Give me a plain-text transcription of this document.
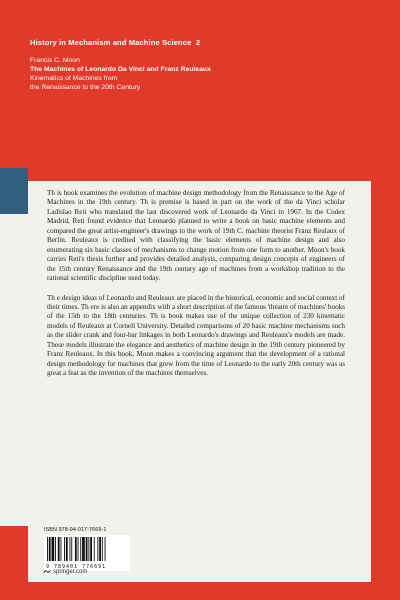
History in Mechanism and Machine Science 2
Francis C. Moon
The Machines of Leonardo Da Vinci and Franz Reuleaux
Kinematics of Machines from
the Renaissance to the 20th Century

Th is book examines the evolution of machine design methodology from the Renaissance to the Age of Machines in the 19th century. Th is premise is based in part on the work of the da Vinci scholar Ladislao Reti who translated the last discovered work of Leonardo da Vinci in 1967. In the Codex Madrid, Reti found evidence that Leonardo planned to write a book on basic machine elements and compared the great artist-engineer's drawings to the work of 19th C. machine theorist Franz Reulaux of Berlin. Reuleaux is credited with classifying the basic elements of machine design and also enumerating six basic classes of mechanisms to change motion from one form to another. Moon's book carries Reti's thesis further and provides detailed analysis, comparing design concepts of engineers of the 15th century Renaissance and the 19th century age of machines from a workshop tradition to the rational scientific discipline used today.

Th e design ideas of Leonardo and Reuleaux are placed in the historical, economic and social context of their times. Th ere is also an appendix with a short description of the famous 'theatre of machines' books of the 15th to the 18th centuries. Th is book makes use of the unique collection of 230 kinematic models of Reuleaux at Cornell University. Detailed comparisons of 20 basic machine mechanisms such as the slider crank and four-bar linkages in both Leonardo's drawings and Reuleaux's models are made. These models illustrate the elegance and aesthetics of machine design in the 19th century pioneered by Franz Reuleaux. In this book, Moon makes a convincing argument that the development of a rational design methodology for machines that grew from the time of Leonardo to the early 20th century was as great a feat as the invention of the machines themselves.

ISBN 978-94-017-7669-1
9 789401 776691
springer.com
